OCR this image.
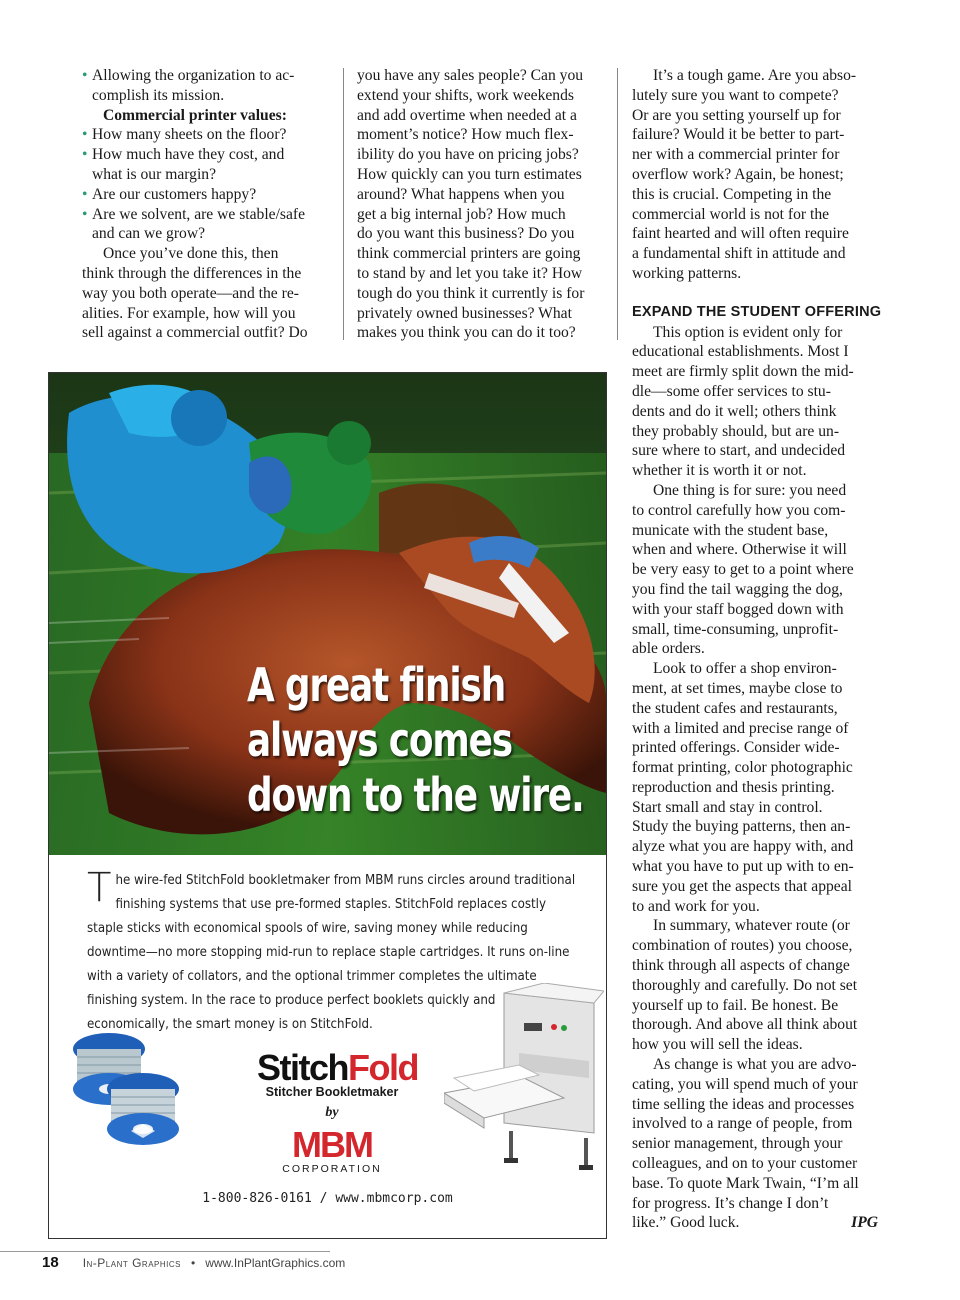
• Allowing the organization to ac-
complish its mission.

Commercial printer values:

• How many sheets on the floor?
• How much have they cost, and
what is our margin?
• Are our customers happy?
• Are we solvent, are we stable/safe
and can we grow?
Once you’ve done this, then
think through the differences in the
way you both operate—and the re-
alities. For example, how will you
sell against a commercial outfit? Do
you have any sales people? Can you
extend your shifts, work weekends
and add overtime when needed at a
moment’s notice? How much flex-
ibility do you have on pricing jobs?
How quickly can you turn estimates
around? What happens when you
get a big internal job? How much
do you want this business? Do you
think commercial printers are going
to stand by and let you take it? How
tough do you think it currently is for
privately owned businesses? What
makes you think you can do it too?
It’s a tough game. Are you abso-
lutely sure you want to compete?
Or are you setting yourself up for
failure? Would it be better to part-
ner with a commercial printer for
overflow work? Again, be honest;
this is crucial. Competing in the
commercial world is not for the
faint hearted and will often require
a fundamental shift in attitude and
working patterns.
EXPAND THE STUDENT OFFERING
This option is evident only for
educational establishments. Most I
meet are firmly split down the mid-
dle—some offer services to stu-
dents and do it well; others think
they probably should, but are un-
sure where to start, and undecided
whether it is worth it or not.
One thing is for sure: you need
to control carefully how you com-
municate with the student base,
when and where. Otherwise it will
be very easy to get to a point where
you find the tail wagging the dog,
with your staff bogged down with
small, time-consuming, unprofit-
able orders.
Look to offer a shop environ-
ment, at set times, maybe close to
the student cafes and restaurants,
with a limited and precise range of
printed offerings. Consider wide-
format printing, color photographic
reproduction and thesis printing.
Start small and stay in control.
Study the buying patterns, then an-
alyze what you are happy with, and
what you have to put up with to en-
sure you get the aspects that appeal
to and work for you.
In summary, whatever route (or
combination of routes) you choose,
think through all aspects of change
thoroughly and carefully. Do not set
yourself up to fail. Be honest. Be
thorough. And above all think about
how you will sell the ideas.
As change is what you are advo-
cating, you will spend much of your
time selling the ideas and processes
involved to a range of people, from
senior management, through your
colleagues, and on to your customer
base. To quote Mark Twain, “I’m all
for progress. It’s change I don’t
like.” Good luck.	IPG
A great finish
always comes
down to the wire.
The wire-fed StitchFold bookletmaker from MBM runs circles around traditional finishing systems that use pre-formed staples. StitchFold replaces costly staple sticks with economical spools of wire, saving money while reducing downtime—no more stopping mid-run to replace staple cartridges. It runs on-line with a variety of collators, and the optional trimmer completes the ultimate finishing system. In the race to produce perfect booklets quickly and economically, the smart money is on StitchFold.
StitchFold
Stitcher Bookletmaker
by
MBM
CORPORATION
1-800-826-0161 / www.mbmcorp.com
18 In-Plant Graphics • www.InPlantGraphics.com
